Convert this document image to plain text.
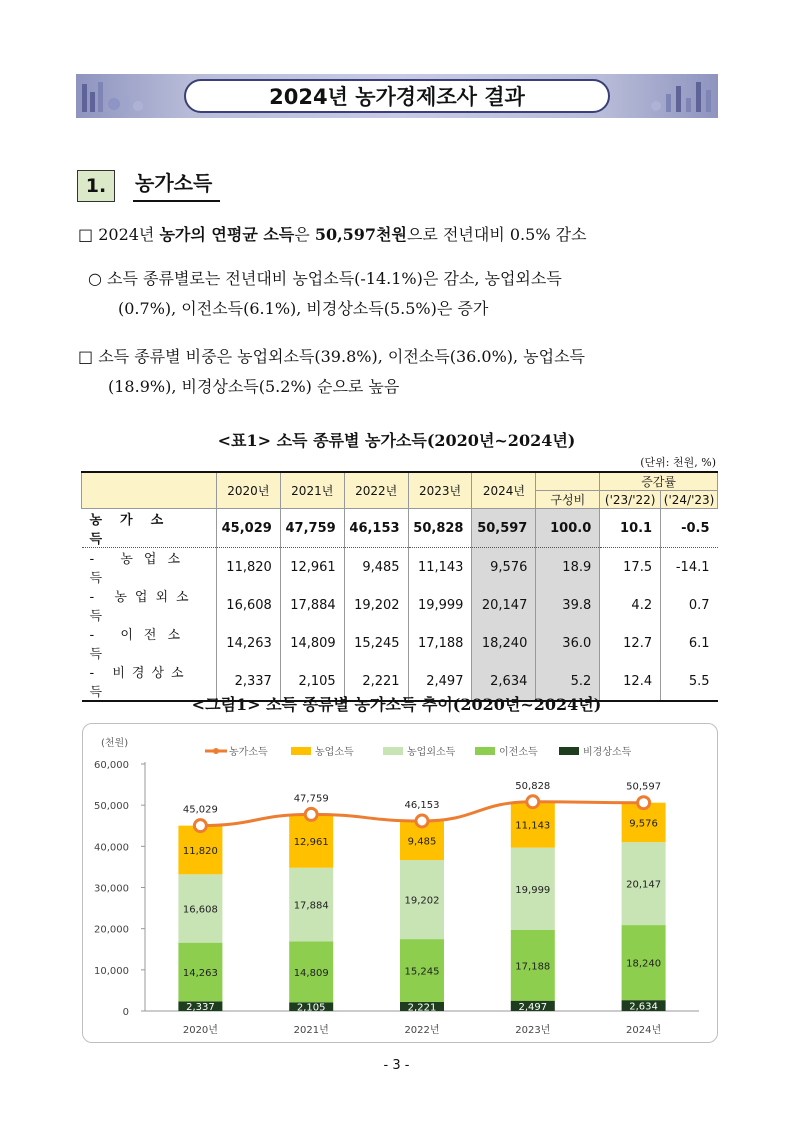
2024년 농가경제조사 결과
1.	농가소득
□ 2024년 농가의 연평균 소득은 50,597천원으로 전년대비 0.5% 감소
○ 소득 종류별로는 전년대비 농업소득(-14.1%)은 감소, 농업외소득
(0.7%), 이전소득(6.1%), 비경상소득(5.5%)은 증가
□ 소득 종류별 비중은 농업외소득(39.8%), 이전소득(36.0%), 농업소득
(18.9%), 비경상소득(5.2%) 순으로 높음
<표1> 소득 종류별 농가소득(2020년~2024년)
(단위: 천원, %)
	2020년	2021년	2022년	2023년	2024년		증감률	
						구성비	('23/'22)	('24/'23)
농가소득	45,029	47,759	46,153	50,828	50,597	100.0	10.1	-0.5
- 농업소득	11,820	12,961	9,485	11,143	9,576	18.9	17.5	-14.1
- 농업외소득	16,608	17,884	19,202	19,999	20,147	39.8	4.2	0.7
- 이전소득	14,263	14,809	15,245	17,188	18,240	36.0	12.7	6.1
- 비경상소득	2,337	2,105	2,221	2,497	2,634	5.2	12.4	5.5
<그림1> 소득 종류별 농가소득 추이(2020년~2024년)
(천원)
0
10,000
20,000
30,000
40,000
50,000
60,000
2,337
14,263
16,608
11,820
2020년
2,105
14,809
17,884
12,961
2021년
2,221
15,245
19,202
9,485
2022년
2,497
17,188
19,999
11,143
2023년
2,634
18,240
20,147
9,576
2024년
45,029
47,759
46,153
50,828	50,597
농가소득	농업소득	농업외소득	이전소득	비경상소득
- 3 -
